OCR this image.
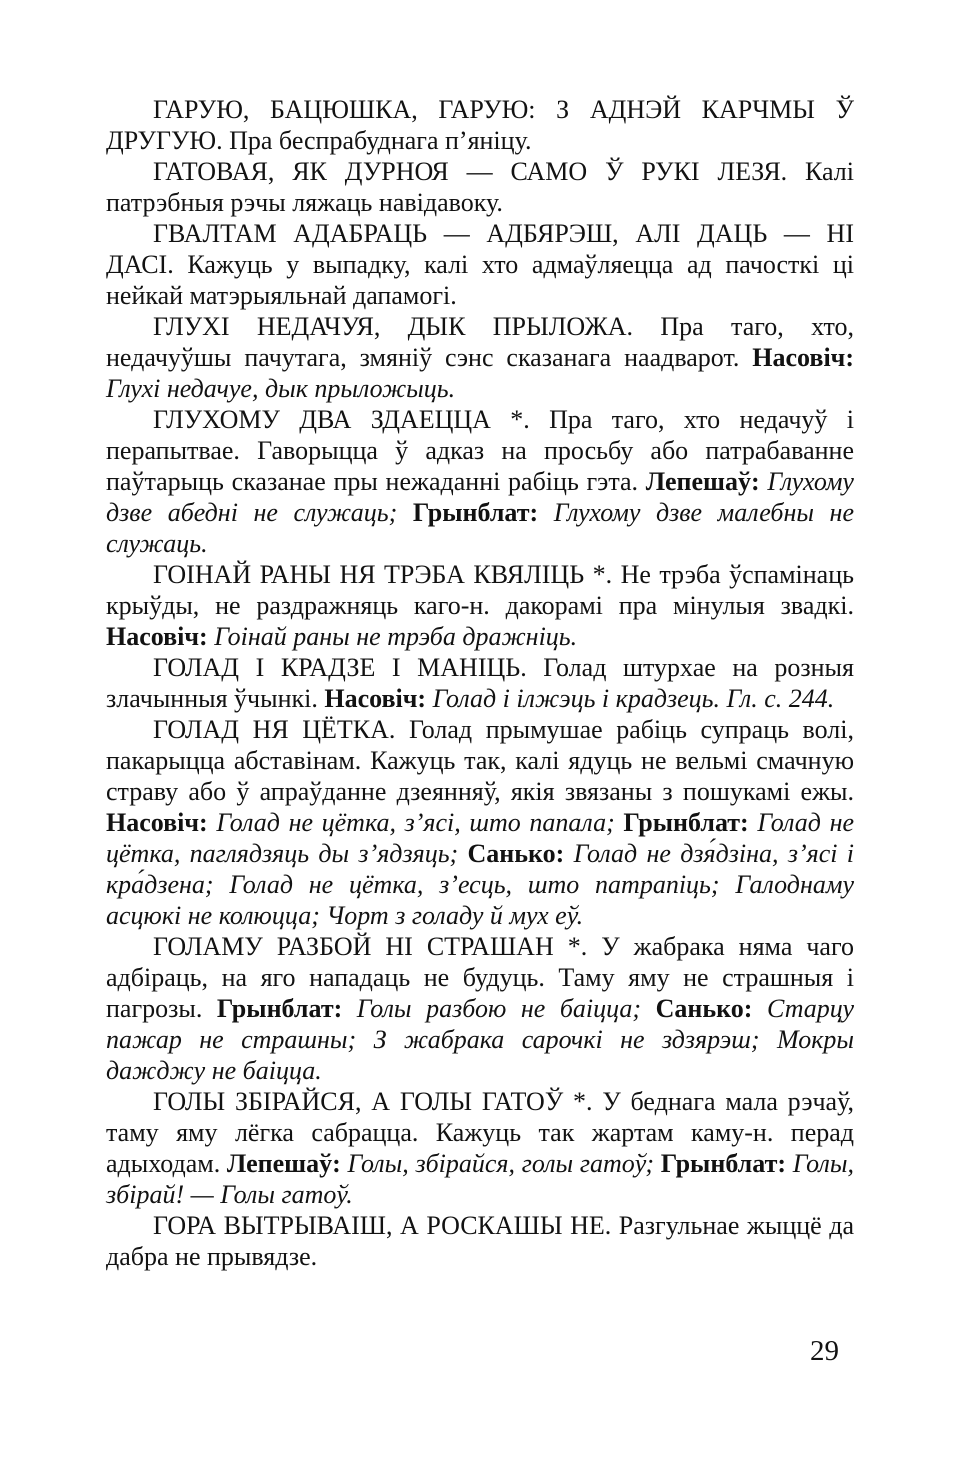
ГАРУЮ, БАЦЮШКА, ГАРУЮ: З АДНЭЙ КАРЧМЫ Ў ДРУГУЮ. Пра беспрабуднага п’яніцу.

ГАТОВАЯ, ЯК ДУРНОЯ — САМО Ў РУКІ ЛЕЗЯ. Калі патрэбныя рэчы ляжаць навідавоку.

ГВАЛТАМ АДАБРАЦЬ — АДБЯРЭШ, АЛІ ДАЦЬ — НІ ДАСІ. Кажуць у выпадку, калі хто адмаўляецца ад пачосткі ці нейкай матэрыяльнай дапамогі.

ГЛУХІ НЕДАЧУЯ, ДЫК ПРЫЛОЖА. Пра таго, хто, недачуўшы пачутага, змяніў сэнс сказанага наадварот. Насовіч: Глухі недачуе, дык прыложыць.

ГЛУХОМУ ДВА ЗДАЕЦЦА *. Пра таго, хто недачуў і перапытвае. Гаворыцца ў адказ на просьбу або патрабаванне паўтарыць сказанае пры нежаданні рабіць гэта. Лепешаў: Глухому дзве абедні не служаць; Грынблат: Глухому дзве малебны не служаць.

ГОІНАЙ РАНЫ НЯ ТРЭБА КВЯЛІЦЬ *. Не трэба ўспамінаць крыўды, не раздражняць каго-н. дакорамі пра мінулыя звадкі. Насовіч: Гоінай раны не трэба дражніць.

ГОЛАД І КРАДЗЕ І МАНІЦЬ. Голад штурхае на розныя злачынныя ўчынкі. Насовіч: Голад і ілжэць і крадзець. Гл. с. 244.

ГОЛАД НЯ ЦЁТКА. Голад прымушае рабіць супраць волі, пакарыцца абставінам. Кажуць так, калі ядуць не вельмі смачную страву або ў апраўданне дзеянняў, якія звязаны з пошукамі ежы. Насовіч: Голад не цётка, з’ясі, што папала; Грынблат: Голад не цётка, паглядзяць ды з’ядзяць; Санько: Голад не дзя́дзіна, з’ясі і кра́дзена; Голад не цётка, з’есць, што патрапіць; Галоднаму асцюкі не колюцца; Чорт з голаду й мух еў.

ГОЛАМУ РАЗБОЙ НІ СТРАШАН *. У жабрака няма чаго адбіраць, на яго нападаць не будуць. Таму яму не страшныя і пагрозы. Грынблат: Голы разбою не баіцца; Санько: Старцу пажар не страшны; З жабрака сарочкі не здзярэш; Мокры дажджу не баіцца.

ГОЛЫ ЗБІРАЙСЯ, А ГОЛЫ ГАТОЎ *. У беднага мала рэчаў, таму яму лёгка сабрацца. Кажуць так жартам каму-н. перад адыходам. Лепешаў: Голы, збірайся, голы гатоў; Грынблат: Голы, збірай! — Голы гатоў.

ГОРА ВЫТРЫВАІШ, А РОСКАШЫ НЕ. Разгульнае жыццё да дабра не прывядзе.

29
